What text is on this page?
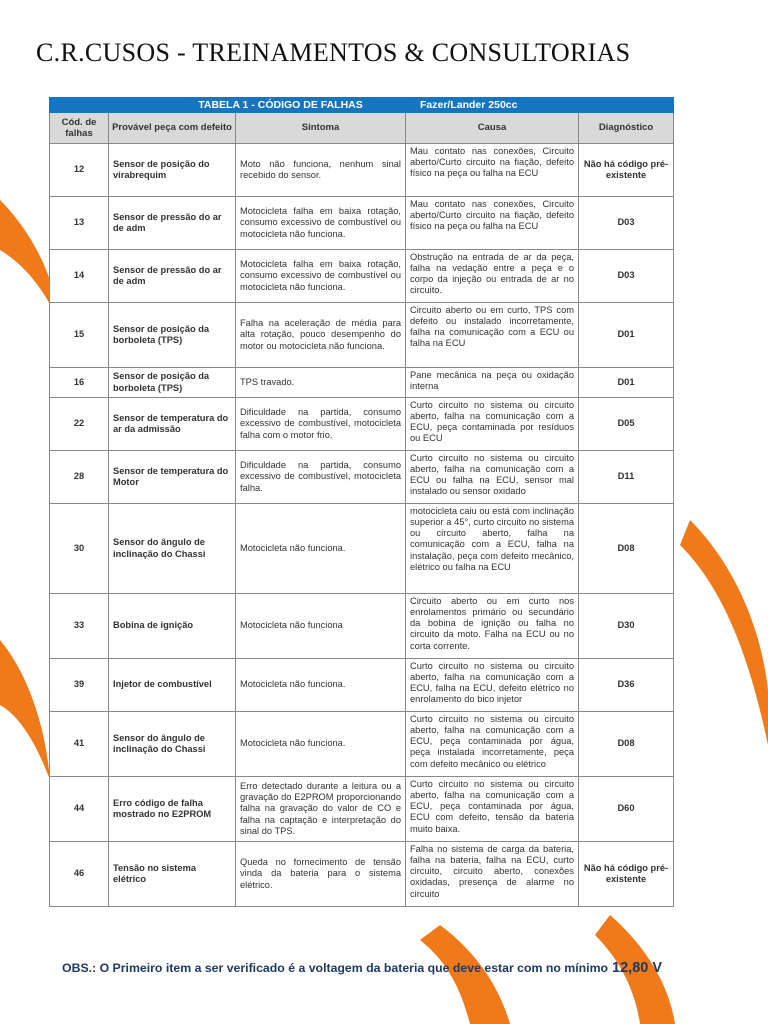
C.R.CUSOS - TREINAMENTOS & CONSULTORIAS
TABELA 1 - CÓDIGO DE FALHAS			Fazer/Lander 250cc	
Cód. de falhas	Provável peça com defeito	Sintoma	Causa	Diagnóstico
12	Sensor de posição do virabrequim	Moto não funciona, nenhum sinal recebido do sensor.	Mau contato nas conexões, Circuito aberto/Curto circuito na fiação, defeito físico na peça ou falha na ECU	Não há código pré-existente
13	Sensor de pressão do ar de adm	Motocicleta falha em baixa rotação, consumo excessivo de combustível ou motocicleta não funciona.	Mau contato nas conexões, Circuito aberto/Curto circuito na fiação, defeito físico na peça ou falha na ECU	D03
14	Sensor de pressão do ar de adm	Motocicleta falha em baixa rotação, consumo excessivo de combustível ou motocicleta não funciona.	Obstrução na entrada de ar da peça, falha na vedação entre a peça e o corpo da injeção ou entrada de ar no circuito.	D03
15	Sensor de posição da borboleta (TPS)	Falha na aceleração de média para alta rotação, pouco desempenho do motor ou motocicleta não funciona.	Circuito aberto ou em curto, TPS com defeito ou instalado incorretamente, falha na comunicação com a ECU ou falha na ECU	D01
16	Sensor de posição da borboleta (TPS)	TPS travado.	Pane mecânica na peça ou oxidação interna	D01
22	Sensor de temperatura do ar da admissão	Dificuldade na partida, consumo excessivo de combustível, motocicleta falha com o motor frio.	Curto circuito no sistema ou circuito aberto, falha na comunicação com a ECU, peça contaminada por resíduos ou ECU	D05
28	Sensor de temperatura do Motor	Dificuldade na partida, consumo excessivo de combustível, motocicleta falha.	Curto circuito no sistema ou circuito aberto, falha na comunicação com a ECU ou falha na ECU, sensor mal instalado ou sensor oxidado	D11
30	Sensor do ângulo de inclinação do Chassi	Motocicleta não funciona.	motocicleta caiu ou está com inclinação superior a 45°, curto circuito no sistema ou circuito aberto, falha na comunicação com a ECU, falha na instalação, peça com defeito mecânico, elétrico ou falha na ECU	D08
33	Bobina de ignição	Motocicleta não funciona	Circuito aberto ou em curto nos enrolamentos primário ou secundário da bobina de ignição ou falha no circuito da moto. Falha na ECU ou no corta corrente.	D30
39	Injetor de combustível	Motocicleta não funciona.	Curto circuito no sistema ou circuito aberto, falha na comunicação com a ECU, falha na ECU, defeito elétrico no enrolamento do bico injetor	D36
41	Sensor do ângulo de inclinação do Chassi	Motocicleta não funciona.	Curto circuito no sistema ou circuito aberto, falha na comunicação com a ECU, peça contaminada por água, peça instalada incorretamente, peça com defeito mecânico ou elétrico	D08
44	Erro código de falha mostrado no E2PROM	Erro detectado durante a leitura ou a gravação do E2PROM proporcionando falha na gravação do valor de CO e falha na captação e interpretação do sinal do TPS.	Curto circuito no sistema ou circuito aberto, falha na comunicação com a ECU, peça contaminada por água, ECU com defeito, tensão da bateria muito baixa.	D60
46	Tensão no sistema elétrico	Queda no fornecimento de tensão vinda da bateria para o sistema elétrico.	Falha no sistema de carga da bateria, falha na bateria, falha na ECU, curto circuito, circuito aberto, conexões oxidadas, presença de alarme no circuito	Não há código pré-existente
OBS.: O Primeiro item a ser verificado é a voltagem da bateria que deve estar com no mínimo 12,80 V
